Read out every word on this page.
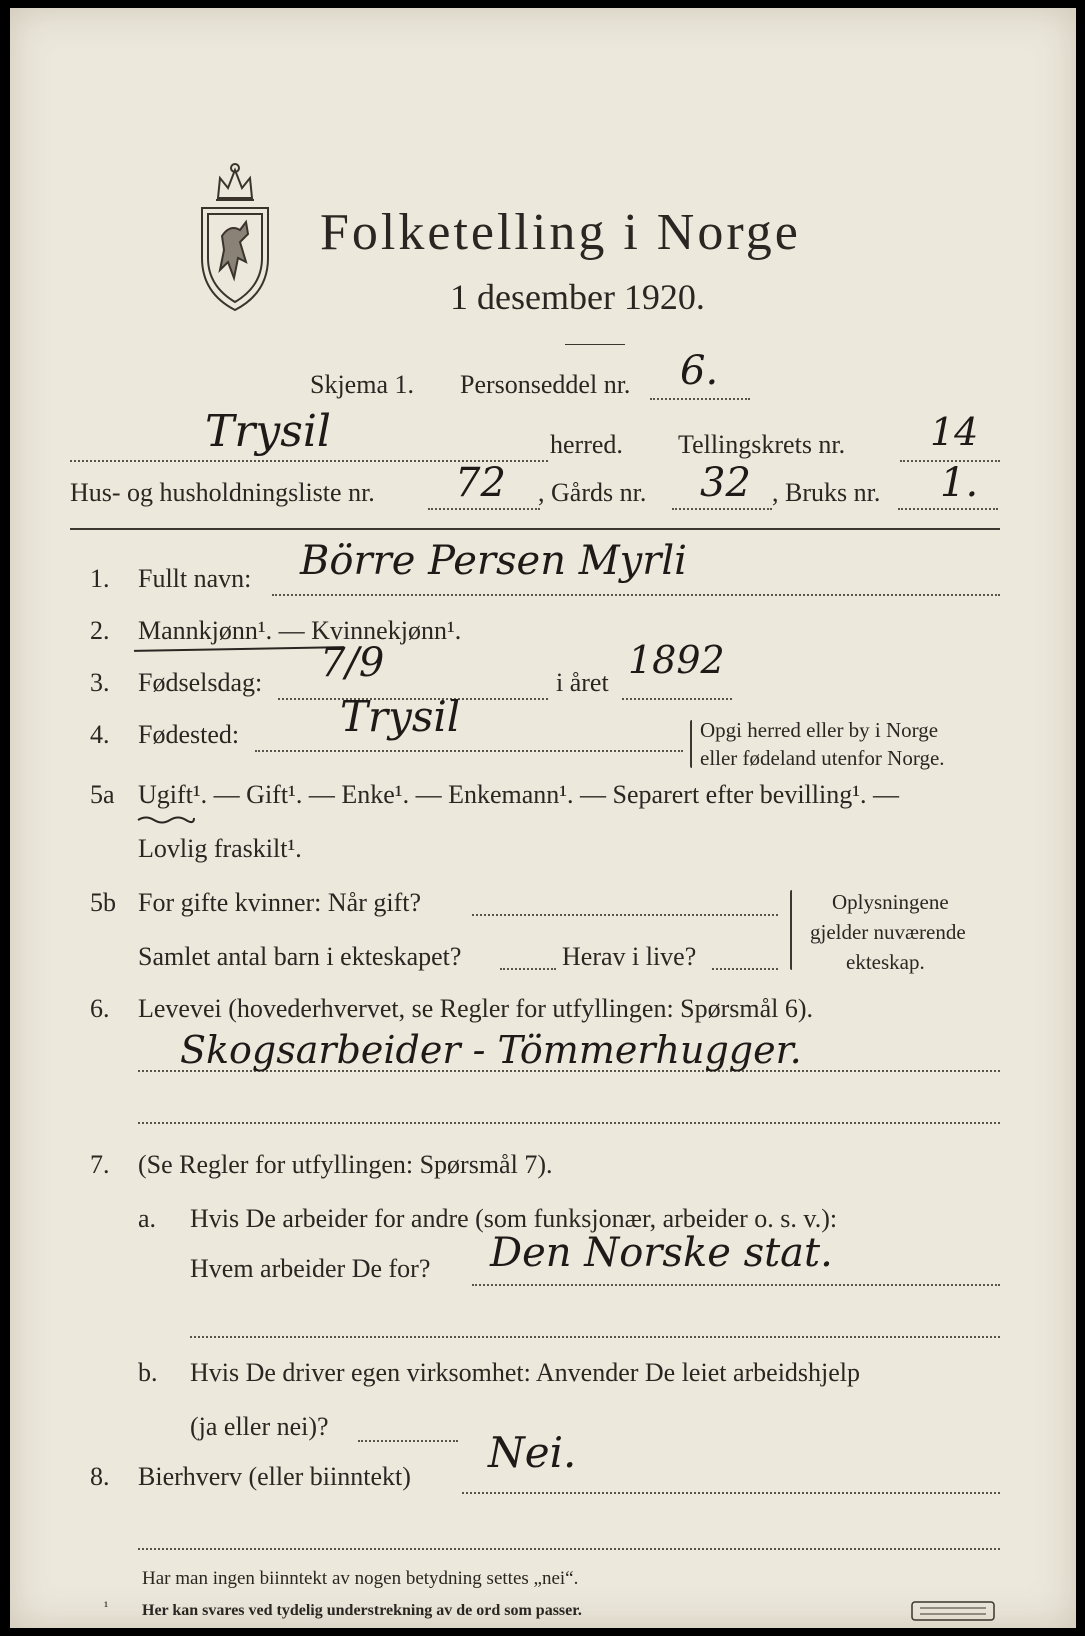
Folketelling i Norge
1 desember 1920.
Skjema 1. Personseddel nr. 6.
Trysil	herred. Tellingskrets nr. 14
Hus- og husholdningsliste nr. 72 , Gårds nr. 32 , Bruks nr. 1.
1. Fullt navn: Börre Persen Myrli
2. Mannkjønn¹. — Kvinnekjønn¹.
3. Fødselsdag: 7/9	i året
1892
4. Fødested: Trysil	Opgi herred eller by i Norge
eller fødeland utenfor Norge.
5a Ugift¹. — Gift¹. — Enke¹. — Enkemann¹. — Separert efter bevilling¹. —
Lovlig fraskilt¹.
5b For gifte kvinner: Når gift?
Samlet antal barn i ekteskapet?	Herav i live?
Oplysningene
gjelder nuværende
ekteskap.
6. Levevei (hovederhvervet, se Regler for utfyllingen: Spørsmål 6).
Skogsarbeider - Tömmerhugger.
7. (Se Regler for utfyllingen: Spørsmål 7).
a. Hvis De arbeider for andre (som funksjonær, arbeider o. s. v.):
Hvem arbeider De for? Den Norske stat.
b. Hvis De driver egen virksomhet: Anvender De leiet arbeidshjelp
(ja eller nei)?
8. Bierhverv (eller biinntekt) Nei.
Har man ingen biinntekt av nogen betydning settes „nei“.
¹ Her kan svares ved tydelig understrekning av de ord som passer.
